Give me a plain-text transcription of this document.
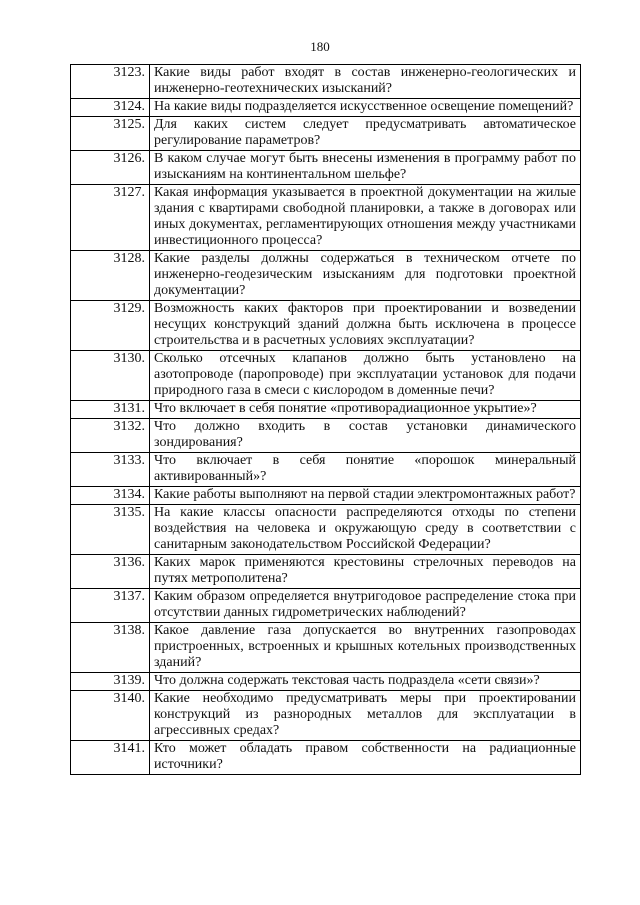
180
3123.	Какие виды работ входят в состав инженерно-геологических и инженерно-геотехнических изысканий?
3124.	На какие виды подразделяется искусственное освещение помещений?
3125.	Для каких систем следует предусматривать автоматическое регулирование параметров?
3126.	В каком случае могут быть внесены изменения в программу работ по изысканиям на континентальном шельфе?
3127.	Какая информация указывается в проектной документации на жилые здания с квартирами свободной планировки, а также в договорах или иных документах, регламентирующих отношения между участниками инвестиционного процесса?
3128.	Какие разделы должны содержаться в техническом отчете по инженерно-геодезическим изысканиям для подготовки проектной документации?
3129.	Возможность каких факторов при проектировании и возведении несущих конструкций зданий должна быть исключена в процессе строительства и в расчетных условиях эксплуатации?
3130.	Сколько отсечных клапанов должно быть установлено на азотопроводе (паропроводе) при эксплуатации установок для подачи природного газа в смеси с кислородом в доменные печи?
3131.	Что включает в себя понятие «противорадиационное укрытие»?
3132.	Что должно входить в состав установки динамического зондирования?
3133.	Что включает в себя понятие «порошок минеральный активированный»?
3134.	Какие работы выполняют на первой стадии электромонтажных работ?
3135.	На какие классы опасности распределяются отходы по степени воздействия на человека и окружающую среду в соответствии с санитарным законодательством Российской Федерации?
3136.	Каких марок применяются крестовины стрелочных переводов на путях метрополитена?
3137.	Каким образом определяется внутригодовое распределение стока при отсутствии данных гидрометрических наблюдений?
3138.	Какое давление газа допускается во внутренних газопроводах пристроенных, встроенных и крышных котельных производственных зданий?
3139.	Что должна содержать текстовая часть подраздела «сети связи»?
3140.	Какие необходимо предусматривать меры при проектировании конструкций из разнородных металлов для эксплуатации в агрессивных средах?
3141.	Кто может обладать правом собственности на радиационные источники?
